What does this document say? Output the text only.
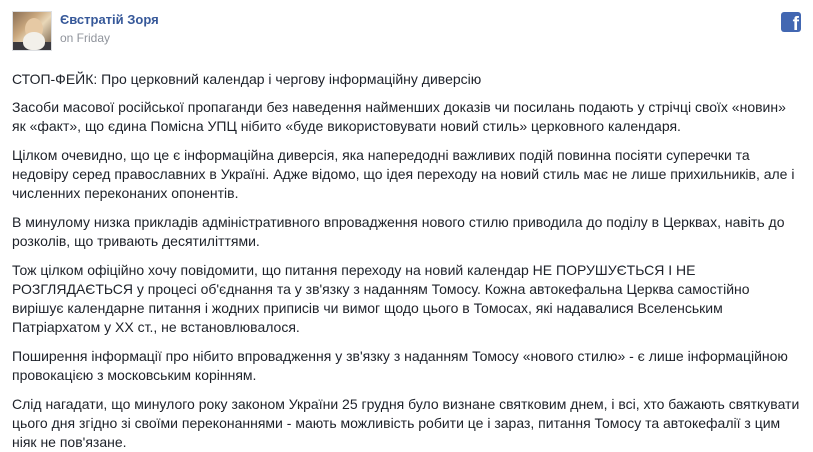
Євстратій Зоря
on Friday
f

СТОП-ФЕЙК: Про церковний календар і чергову інформаційну диверсію

Засоби масової російської пропаганди без наведення найменших доказів чи посилань подають у стрічці своїх «новин» як «факт», що єдина Помісна УПЦ нібито «буде використовувати новий стиль» церковного календаря.

Цілком очевидно, що це є інформаційна диверсія, яка напередодні важливих подій повинна посіяти суперечки та недовіру серед православних в Україні. Адже відомо, що ідея переходу на новий стиль має не лише прихильників, але і численних переконаних опонентів.

В минулому низка прикладів адміністративного впровадження нового стилю приводила до поділу в Церквах, навіть до розколів, що тривають десятиліттями.

Тож цілком офіційно хочу повідомити, що питання переходу на новий календар НЕ ПОРУШУЄТЬСЯ І НЕ РОЗГЛЯДАЄТЬСЯ у процесі об'єднання та у зв'язку з наданням Томосу. Кожна автокефальна Церква самостійно вирішує календарне питання і жодних приписів чи вимог щодо цього в Томосах, які надавалися Вселенським Патріархатом у XX ст., не встановлювалося.

Поширення інформації про нібито впровадження у зв'язку з наданням Томосу «нового стилю» - є лише інформаційною провокацією з московським корінням.

Слід нагадати, що минулого року законом України 25 грудня було визнане святковим днем, і всі, хто бажають святкувати цього дня згідно зі своїми переконаннями - мають можливість робити це і зараз, питання Томосу та автокефалії з цим ніяк не пов'язане.
